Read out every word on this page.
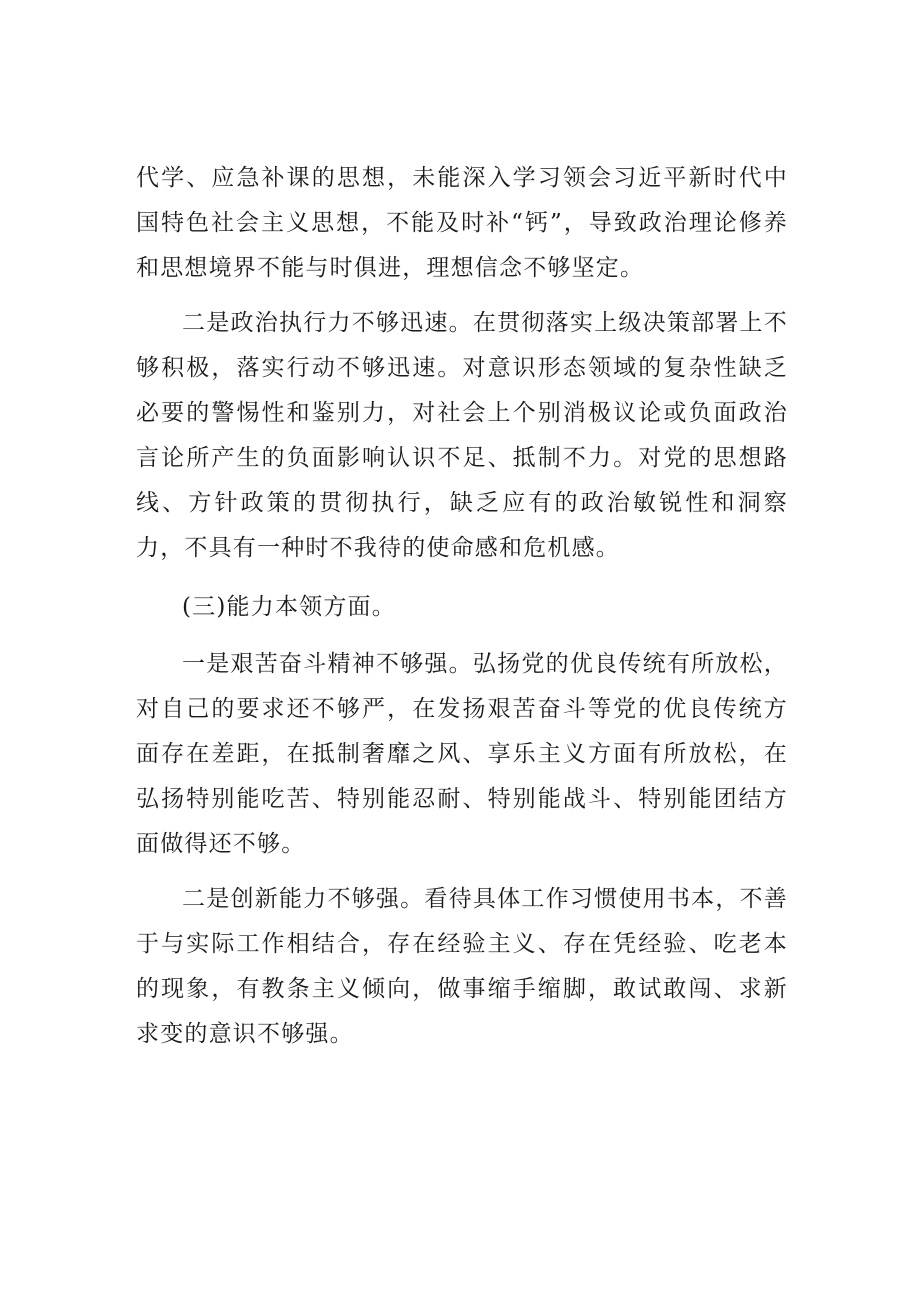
代学、应急补课的思想，未能深入学习领会习近平新时代中国特色社会主义思想，不能及时补“钙”，导致政治理论修养和思想境界不能与时俱进，理想信念不够坚定。

二是政治执行力不够迅速。在贯彻落实上级决策部署上不够积极，落实行动不够迅速。对意识形态领域的复杂性缺乏必要的警惕性和鉴别力，对社会上个别消极议论或负面政治言论所产生的负面影响认识不足、抵制不力。对党的思想路线、方针政策的贯彻执行，缺乏应有的政治敏锐性和洞察力，不具有一种时不我待的使命感和危机感。

(三)能力本领方面。

一是艰苦奋斗精神不够强。弘扬党的优良传统有所放松，对自己的要求还不够严，在发扬艰苦奋斗等党的优良传统方面存在差距，在抵制奢靡之风、享乐主义方面有所放松，在弘扬特别能吃苦、特别能忍耐、特别能战斗、特别能团结方面做得还不够。

二是创新能力不够强。看待具体工作习惯使用书本，不善于与实际工作相结合，存在经验主义、存在凭经验、吃老本的现象，有教条主义倾向，做事缩手缩脚，敢试敢闯、求新求变的意识不够强。
